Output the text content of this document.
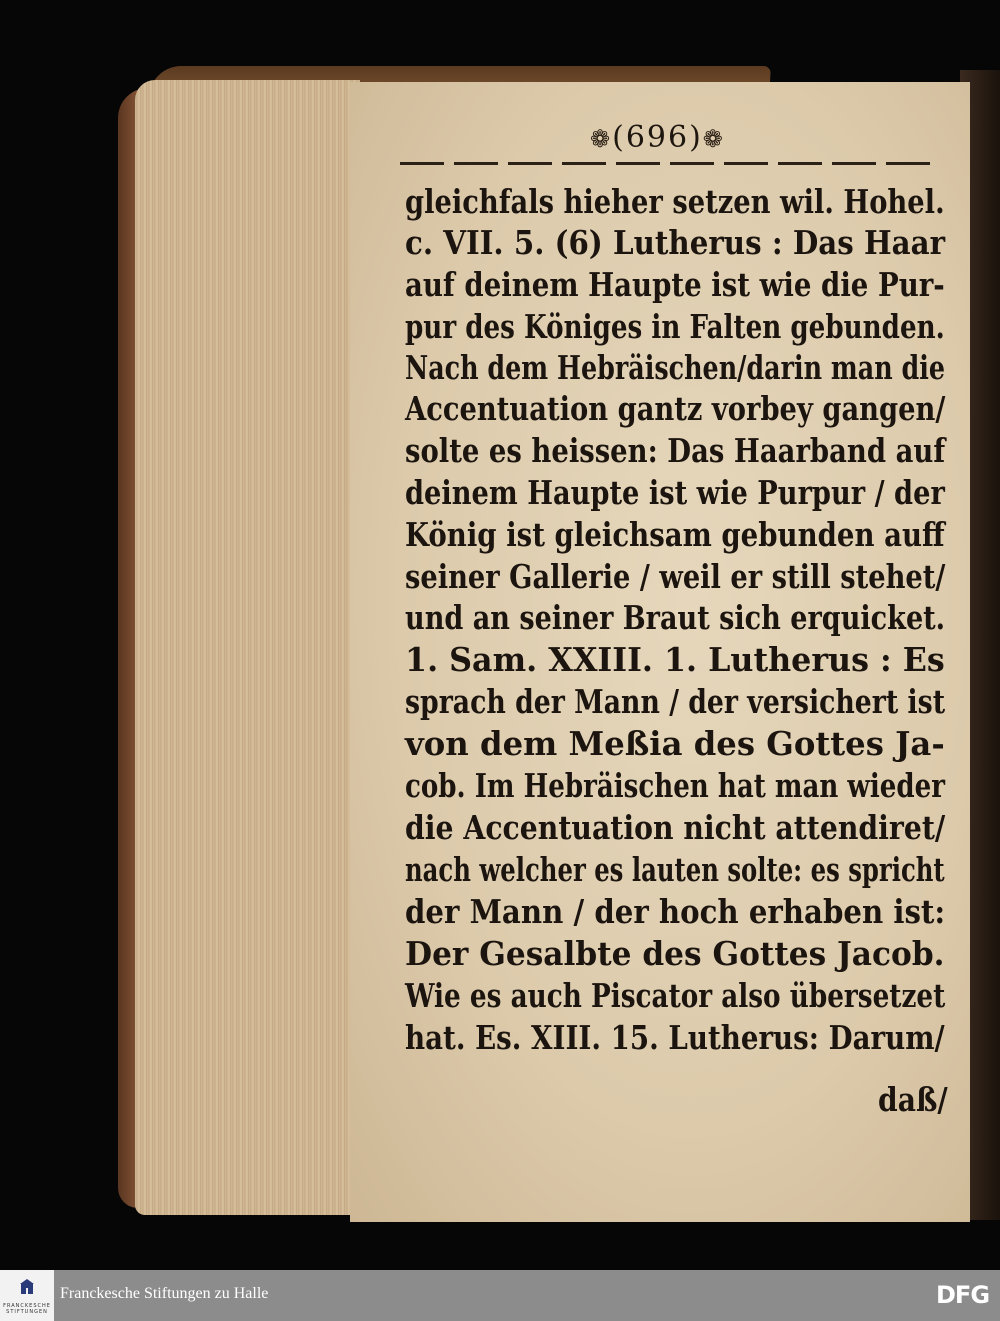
❁(696)❁
gleichfals hieher setzen wil. Hohel.
c. VII. 5. (6) Lutherus : Das Haar
auf deinem Haupte ist wie die Pur-
pur des Königes in Falten gebunden.
Nach dem Hebräischen/darin man die
Accentuation gantz vorbey gangen/
solte es heissen: Das Haarband auf
deinem Haupte ist wie Purpur / der
König ist gleichsam gebunden auff
seiner Gallerie / weil er still stehet/
und an seiner Braut sich erquicket.
1. Sam. XXIII. 1. Lutherus : Es
sprach der Mann / der versichert ist
von dem Meßia des Gottes Ja-
cob. Im Hebräischen hat man wieder
die Accentuation nicht attendiret/
nach welcher es lauten solte: es spricht
der Mann / der hoch erhaben ist:
Der Gesalbte des Gottes Jacob.
Wie es auch Piscator also übersetzet
hat. Es. XIII. 15. Lutherus: Darum/
daß/
FRANCKESCHE STIFTUNGEN
Franckesche Stiftungen zu Halle	DFG
